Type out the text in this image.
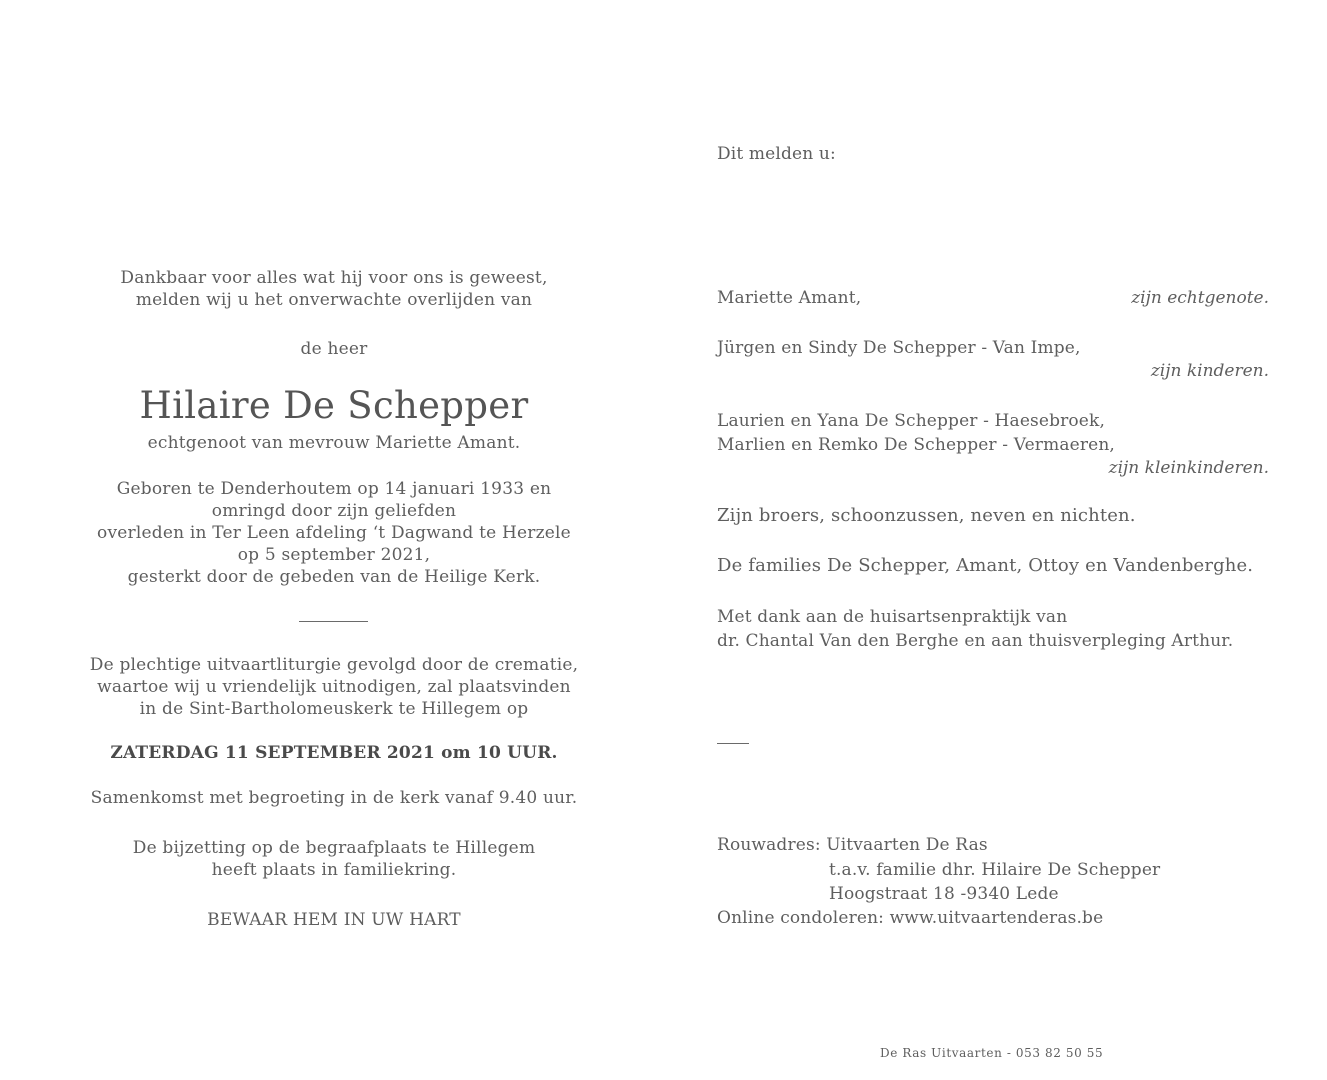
Dankbaar voor alles wat hij voor ons is geweest,
melden wij u het onverwachte overlijden van
de heer
Hilaire De Schepper
echtgenoot van mevrouw Mariette Amant.
Geboren te Denderhoutem op 14 januari 1933 en
omringd door zijn geliefden
overleden in Ter Leen afdeling ‘t Dagwand te Herzele
op 5 september 2021,
gesterkt door de gebeden van de Heilige Kerk.
De plechtige uitvaartliturgie gevolgd door de crematie,
waartoe wij u vriendelijk uitnodigen, zal plaatsvinden
in de Sint-Bartholomeuskerk te Hillegem op
ZATERDAG 11 SEPTEMBER 2021 om 10 UUR.
Samenkomst met begroeting in de kerk vanaf 9.40 uur.
De bijzetting op de begraafplaats te Hillegem
heeft plaats in familiekring.
BEWAAR HEM IN UW HART
Dit melden u:
Mariette Amant,	zijn echtgenote.
Jürgen en Sindy De Schepper - Van Impe,
zijn kinderen.
Laurien en Yana De Schepper - Haesebroek,
Marlien en Remko De Schepper - Vermaeren,
zijn kleinkinderen.
Zijn broers, schoonzussen, neven en nichten.
De families De Schepper, Amant, Ottoy en Vandenberghe.
Met dank aan de huisartsenpraktijk van
dr. Chantal Van den Berghe en aan thuisverpleging Arthur.
Rouwadres: Uitvaarten De Ras
t.a.v. familie dhr. Hilaire De Schepper
Hoogstraat 18 -9340 Lede
Online condoleren: www.uitvaartenderas.be
De Ras Uitvaarten - 053 82 50 55
